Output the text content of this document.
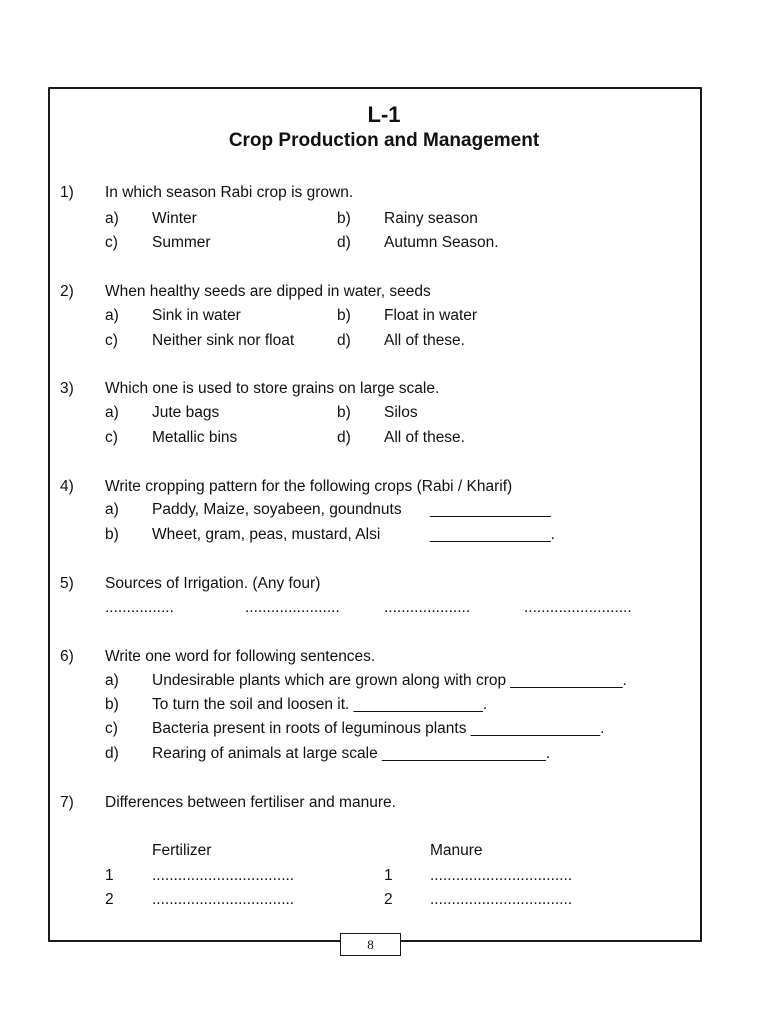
L-1
Crop Production and Management
1) In which season Rabi crop is grown.
a) Winter	b) Rainy season
c) Summer	d) Autumn Season.
2) When healthy seeds are dipped in water, seeds
a) Sink in water	b) Float in water
c) Neither sink nor float	d) All of these.
3) Which one is used to store grains on large scale.
a) Jute bags	b) Silos
c) Metallic bins	d) All of these.
4) Write cropping pattern for the following crops (Rabi / Kharif)
a) Paddy, Maize, soyabeen, goundnuts ______________
b) Wheet, gram, peas, mustard, Alsi	______________.
5) Sources of Irrigation. (Any four)
................	......................	....................	.........................
6) Write one word for following sentences.
a) Undesirable plants which are grown along with crop _____________.
b) To turn the soil and loosen it. _______________.
c) Bacteria present in roots of leguminous plants _______________.
d) Rearing of animals at large scale ___________________.
7) Differences between fertiliser and manure.
Fertilizer	Manure
1 .................................	1 .................................
2 .................................	2 .................................
8
